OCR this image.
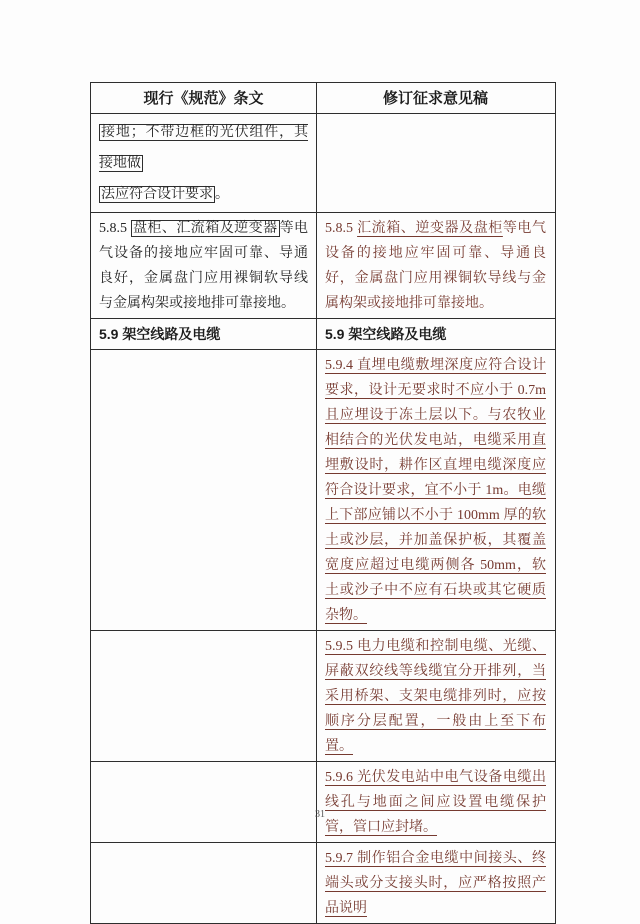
现行《规范》条文	修订征求意见稿
接地；不带边框的光伏组件，其接地做
法应符合设计要求 。
5.8.5 盘柜、汇流箱及逆变器 等电气设备的接地应牢固可靠、导通良好，金属盘门应用裸铜软导线与金属构架或接地排可靠接地。
5.8.5 汇流箱、逆变器及盘柜等电气设备的接地应牢固可靠、导通良好，金属盘门应用裸铜软导线与金属构架或接地排可靠接地。
5.9 架空线路及电缆	5.9 架空线路及电缆
5.9.4 直埋电缆敷埋深度应符合设计要求，设计无要求时不应小于 0.7m 且应埋设于冻土层以下。与农牧业相结合的光伏发电站，电缆采用直埋敷设时，耕作区直埋电缆深度应符合设计要求，宜不小于 1m。电缆上下部应铺以不小于 100mm 厚的软土或沙层，并加盖保护板，其覆盖宽度应超过电缆两侧各 50mm，软土或沙子中不应有石块或其它硬质杂物。
5.9.5 电力电缆和控制电缆、光缆、屏蔽双绞线等线缆宜分开排列，当采用桥架、支架电缆排列时，应按顺序分层配置，一般由上至下布置。
5.9.6 光伏发电站中电气设备电缆出线孔与地面之间应设置电缆保护管，管口应封堵。
5.9.7 制作铝合金电缆中间接头、终端头或分支接头时，应严格按照产品说明
31
